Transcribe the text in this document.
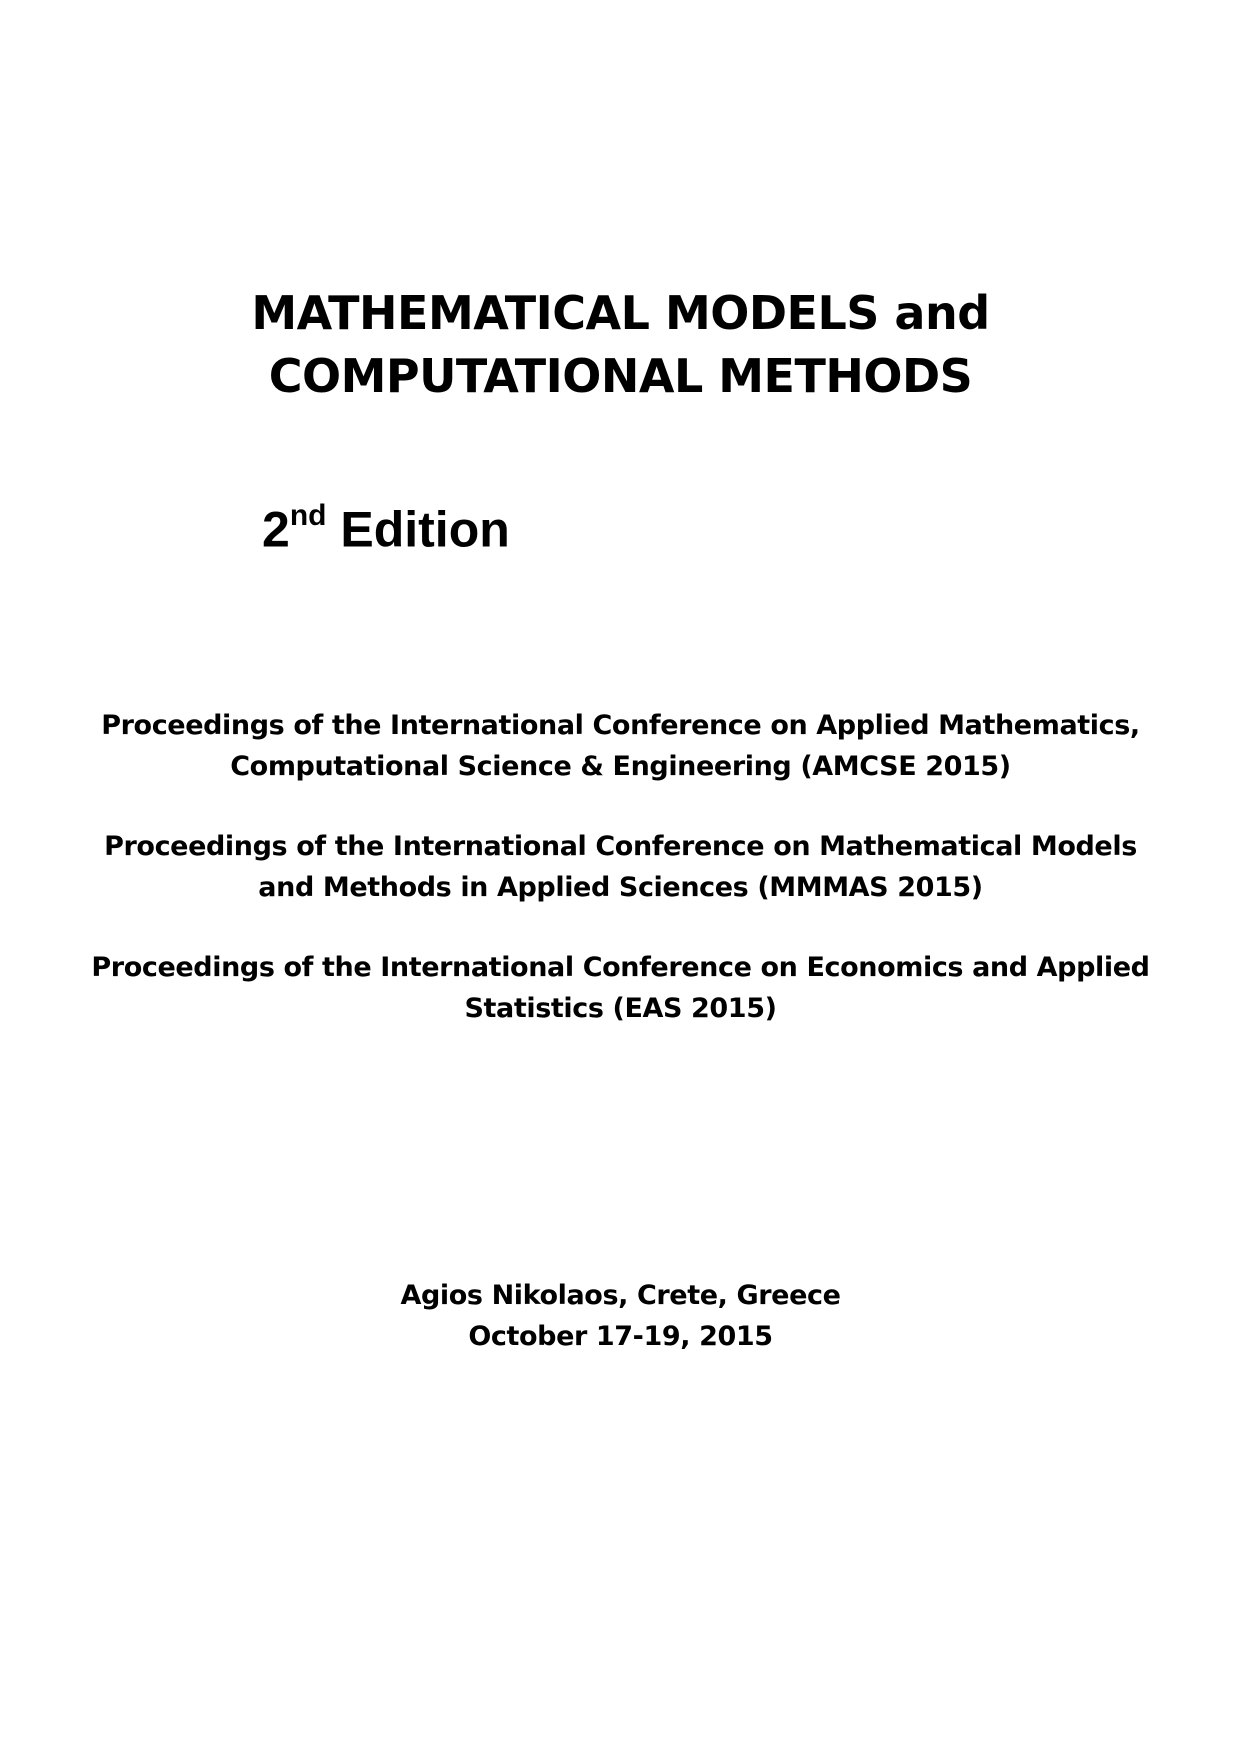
MATHEMATICAL MODELS and
COMPUTATIONAL METHODS
2nd Edition
Proceedings of the International Conference on Applied Mathematics,
Computational Science & Engineering (AMCSE 2015)
Proceedings of the International Conference on Mathematical Models
and Methods in Applied Sciences (MMMAS 2015)
Proceedings of the International Conference on Economics and Applied
Statistics (EAS 2015)
Agios Nikolaos, Crete, Greece
October 17-19, 2015
